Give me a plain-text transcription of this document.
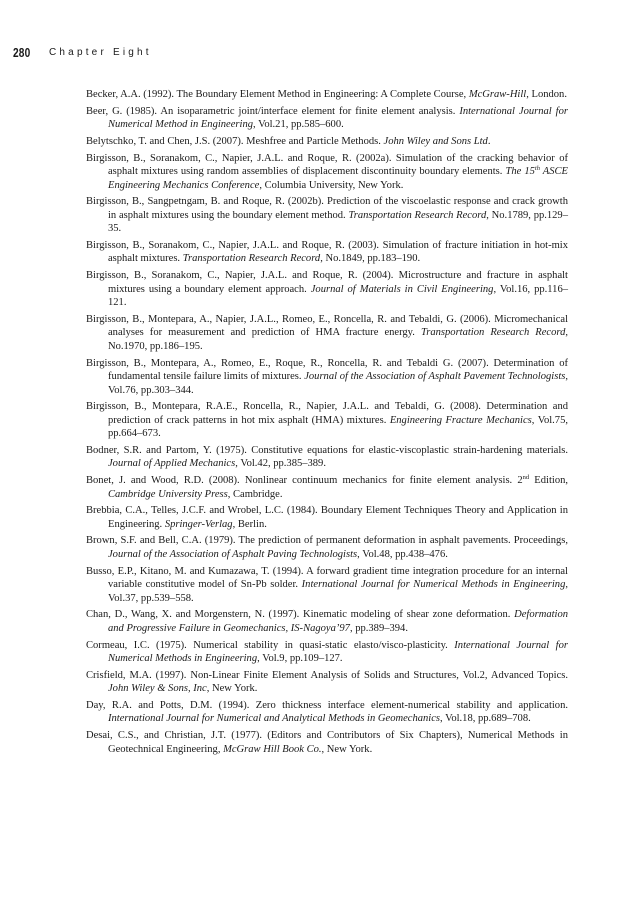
280 Chapter Eight

Becker, A.A. (1992). The Boundary Element Method in Engineering: A Complete Course, McGraw-Hill, London.

Beer, G. (1985). An isoparametric joint/interface element for finite element analysis. International Journal for Numerical Method in Engineering, Vol.21, pp.585–600.

Belytschko, T. and Chen, J.S. (2007). Meshfree and Particle Methods. John Wiley and Sons Ltd.

Birgisson, B., Soranakom, C., Napier, J.A.L. and Roque, R. (2002a). Simulation of the cracking behavior of asphalt mixtures using random assemblies of displacement discontinuity boundary elements. The 15th ASCE Engineering Mechanics Conference, Columbia University, New York.

Birgisson, B., Sangpetngam, B. and Roque, R. (2002b). Prediction of the viscoelastic response and crack growth in asphalt mixtures using the boundary element method. Transportation Research Record, No.1789, pp.129–35.

Birgisson, B., Soranakom, C., Napier, J.A.L. and Roque, R. (2003). Simulation of fracture initiation in hot-mix asphalt mixtures. Transportation Research Record, No.1849, pp.183–190.

Birgisson, B., Soranakom, C., Napier, J.A.L. and Roque, R. (2004). Microstructure and fracture in asphalt mixtures using a boundary element approach. Journal of Materials in Civil Engineering, Vol.16, pp.116–121.

Birgisson, B., Montepara, A., Napier, J.A.L., Romeo, E., Roncella, R. and Tebaldi, G. (2006). Micromechanical analyses for measurement and prediction of HMA fracture energy. Transportation Research Record, No.1970, pp.186–195.

Birgisson, B., Montepara, A., Romeo, E., Roque, R., Roncella, R. and Tebaldi G. (2007). Determination of fundamental tensile failure limits of mixtures. Journal of the Association of Asphalt Pavement Technologists, Vol.76, pp.303–344.

Birgisson, B., Montepara, R.A.E., Roncella, R., Napier, J.A.L. and Tebaldi, G. (2008). Determination and prediction of crack patterns in hot mix asphalt (HMA) mixtures. Engineering Fracture Mechanics, Vol.75, pp.664–673.

Bodner, S.R. and Partom, Y. (1975). Constitutive equations for elastic-viscoplastic strain-hardening materials. Journal of Applied Mechanics, Vol.42, pp.385–389.

Bonet, J. and Wood, R.D. (2008). Nonlinear continuum mechanics for finite element analysis. 2nd Edition, Cambridge University Press, Cambridge.

Brebbia, C.A., Telles, J.C.F. and Wrobel, L.C. (1984). Boundary Element Techniques Theory and Application in Engineering. Springer-Verlag, Berlin.

Brown, S.F. and Bell, C.A. (1979). The prediction of permanent deformation in asphalt pavements. Proceedings, Journal of the Association of Asphalt Paving Technologists, Vol.48, pp.438–476.

Busso, E.P., Kitano, M. and Kumazawa, T. (1994). A forward gradient time integration procedure for an internal variable constitutive model of Sn-Pb solder. International Journal for Numerical Methods in Engineering, Vol.37, pp.539–558.

Chan, D., Wang, X. and Morgenstern, N. (1997). Kinematic modeling of shear zone deformation. Deformation and Progressive Failure in Geomechanics, IS-Nagoya’97, pp.389–394.

Cormeau, I.C. (1975). Numerical stability in quasi-static elasto/visco-plasticity. International Journal for Numerical Methods in Engineering, Vol.9, pp.109–127.

Crisfield, M.A. (1997). Non-Linear Finite Element Analysis of Solids and Structures, Vol.2, Advanced Topics. John Wiley & Sons, Inc, New York.

Day, R.A. and Potts, D.M. (1994). Zero thickness interface element-numerical stability and application. International Journal for Numerical and Analytical Methods in Geomechanics, Vol.18, pp.689–708.

Desai, C.S., and Christian, J.T. (1977). (Editors and Contributors of Six Chapters), Numerical Methods in Geotechnical Engineering, McGraw Hill Book Co., New York.
